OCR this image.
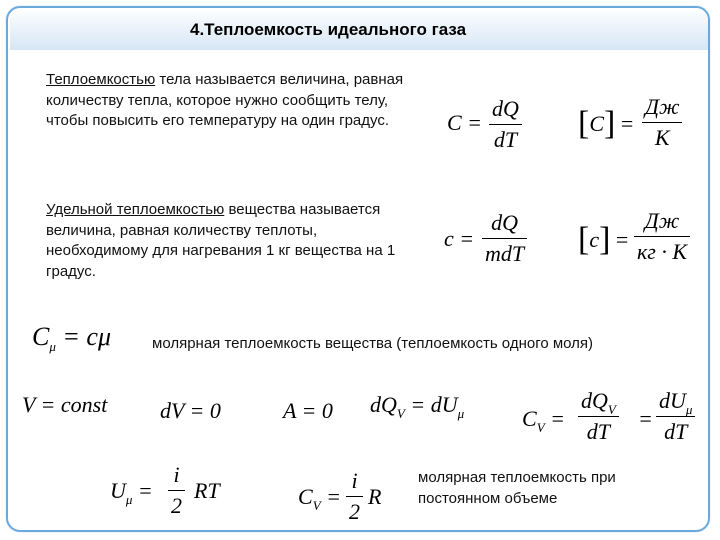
4.Теплоемкость идеального газа
Теплоемкостью тела называется величина, равная количеству тепла, которое нужно сообщить телу, чтобы повысить его температуру на один градус.
Удельной теплоемкостью вещества называется величина, равная количеству теплоты, необходимому для нагревания 1 кг вещества на 1 градус.
$C = \frac{dQ}{dT} [C]$ =
Дж
К
c =
dQ
mdT [c] =
Дж
кг · К
$C_\mu = c\mu$	молярная теплоемкость вещества (теплоемкость одного моля)
V = const dV = 0	A = 0 $dQ_V = dU_\mu$	$C_V$ =
$dQ_V$
dT
=
$dU_\mu$
dT
$U_\mu = \frac{i}{2}$ RT	$C_V = \frac{i}{2}$ R
молярная теплоемкость при постоянном объеме
